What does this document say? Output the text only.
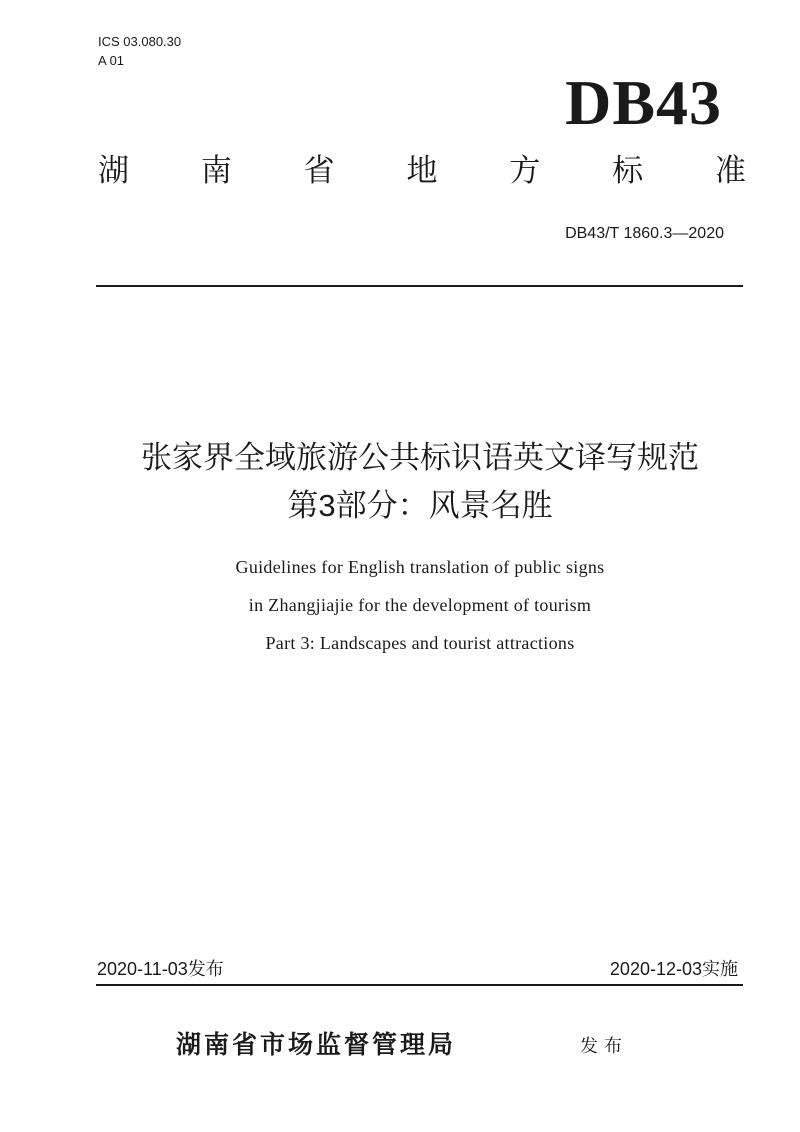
ICS 03.080.30
A 01
DB43
湖 南 省 地 方 标 准
DB43/T 1860.3—2020
张家界全域旅游公共标识语英文译写规范
第3部分：风景名胜
Guidelines for English translation of public signs
in Zhangjiajie for the development of tourism
Part 3: Landscapes and tourist attractions
2020-11-03发布	2020-12-03实施
湖南省市场监督管理局	发布
